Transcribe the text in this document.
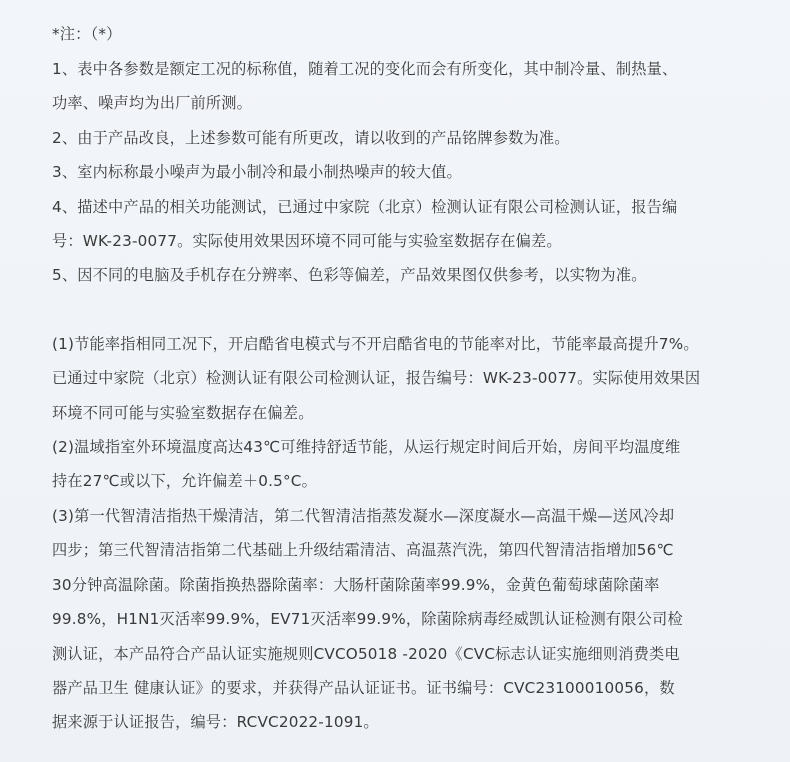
*注：（*）

1、表中各参数是额定工况的标称值，随着工况的变化而会有所变化，其中制冷量、制热量、
功率、噪声均为出厂前所测。

2、由于产品改良，上述参数可能有所更改，请以收到的产品铭牌参数为准。

3、室内标称最小噪声为最小制冷和最小制热噪声的较大值。

4、描述中产品的相关功能测试，已通过中家院（北京）检测认证有限公司检测认证，报告编
号：WK-23-0077。实际使用效果因环境不同可能与实验室数据存在偏差。

5、因不同的电脑及手机存在分辨率、色彩等偏差，产品效果图仅供参考，以实物为准。

(1)节能率指相同工况下，开启酷省电模式与不开启酷省电的节能率对比，节能率最高提升7%。
已通过中家院（北京）检测认证有限公司检测认证，报告编号：WK-23-0077。实际使用效果因
环境不同可能与实验室数据存在偏差。

(2)温域指室外环境温度高达43℃可维持舒适节能，从运行规定时间后开始，房间平均温度维
持在27℃或以下，允许偏差＋0.5°C。

(3)第一代智清洁指热干燥清洁，第二代智清洁指蒸发凝水—深度凝水—高温干燥—送风冷却
四步；第三代智清洁指第二代基础上升级结霜清洁、高温蒸汽洗，第四代智清洁指增加56℃
30分钟高温除菌。除菌指换热器除菌率：大肠杆菌除菌率99.9%，金黄色葡萄球菌除菌率
99.8%，H1N1灭活率99.9%，EV71灭活率99.9%，除菌除病毒经威凯认证检测有限公司检
测认证，本产品符合产品认证实施规则CVCO5018 -2020《CVC标志认证实施细则消费类电
器产品卫生 健康认证》的要求，并获得产品认证证书。证书编号：CVC23100010056，数
据来源于认证报告，编号：RCVC2022-1091。
